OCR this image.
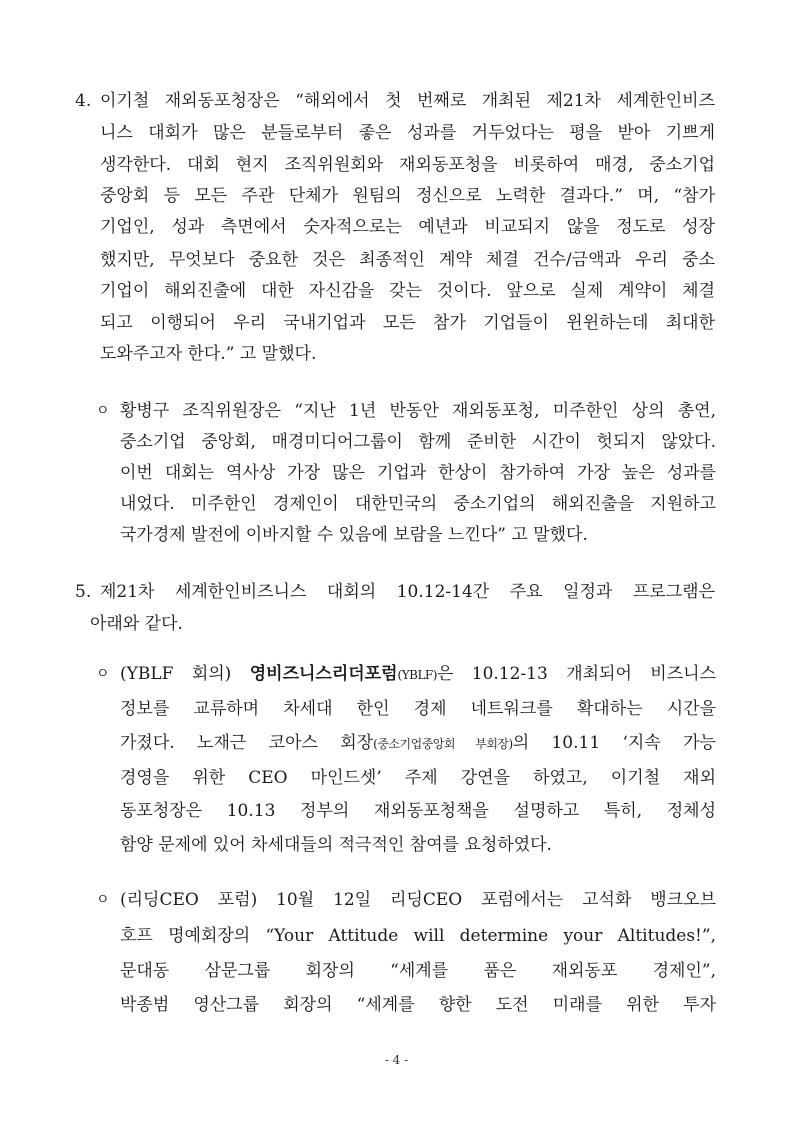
4. 이기철 재외동포청장은 “해외에서 첫 번째로 개최된 제21차 세계한인비즈
니스 대회가 많은 분들로부터 좋은 성과를 거두었다는 평을 받아 기쁘게
생각한다. 대회 현지 조직위원회와 재외동포청을 비롯하여 매경, 중소기업
중앙회 등 모든 주관 단체가 원팀의 정신으로 노력한 결과다.” 며, “참가
기업인, 성과 측면에서 숫자적으로는 예년과 비교되지 않을 정도로 성장
했지만, 무엇보다 중요한 것은 최종적인 계약 체결 건수/금액과 우리 중소
기업이 해외진출에 대한 자신감을 갖는 것이다. 앞으로 실제 계약이 체결
되고 이행되어 우리 국내기업과 모든 참가 기업들이 윈윈하는데 최대한
도와주고자 한다.” 고 말했다.
ㅇ 황병구 조직위원장은 “지난 1년 반동안 재외동포청, 미주한인 상의 총연,
중소기업 중앙회, 매경미디어그룹이 함께 준비한 시간이 헛되지 않았다.
이번 대회는 역사상 가장 많은 기업과 한상이 참가하여 가장 높은 성과를
내었다. 미주한인 경제인이 대한민국의 중소기업의 해외진출을 지원하고
국가경제 발전에 이바지할 수 있음에 보람을 느낀다” 고 말했다.
5. 제21차 세계한인비즈니스 대회의 10.12-14간 주요 일정과 프로그램은
아래와 같다.
ㅇ (YBLF 회의) 영비즈니스리더포럼(YBLF)은 10.12-13 개최되어 비즈니스
정보를 교류하며 차세대 한인 경제 네트워크를 확대하는 시간을
가졌다. 노재근 코아스 회장(중소기업중앙회 부회장)의 10.11 ‘지속 가능
경영을 위한 CEO 마인드셋’ 주제 강연을 하였고, 이기철 재외
동포청장은 10.13 정부의 재외동포청책을 설명하고 특히, 정체성
함양 문제에 있어 차세대들의 적극적인 참여를 요청하였다.
ㅇ (리딩CEO 포럼) 10월 12일 리딩CEO 포럼에서는 고석화 뱅크오브
호프 명예회장의 “Your Attitude will determine your Altitudes!”,
문대동 삼문그룹 회장의 “세계를 품은 재외동포 경제인”,
박종범 영산그룹 회장의 “세계를 향한 도전 미래를 위한 투자
- 4 -
